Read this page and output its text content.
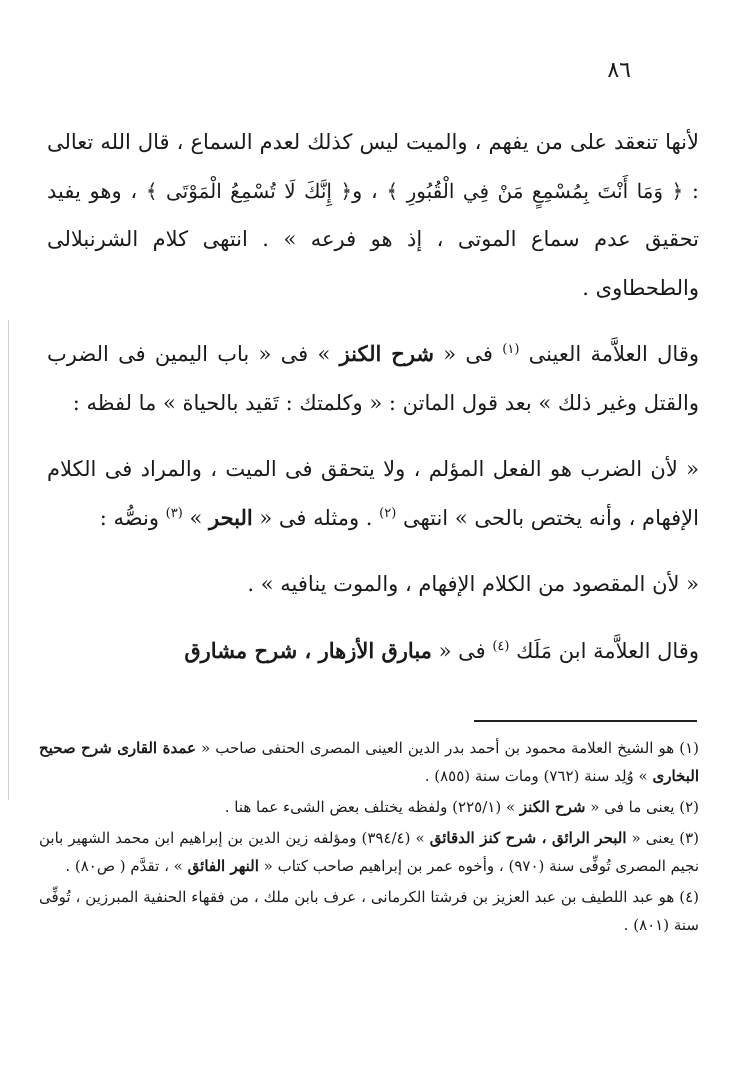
٨٦

لأنها تنعقد على من يفهم ، والميت ليس كذلك لعدم السماع ، قال الله تعالى : ﴿ وَمَا أَنْتَ بِمُسْمِعٍ مَنْ فِي الْقُبُورِ ﴾ ، و﴿ إِنَّكَ لَا تُسْمِعُ الْمَوْتَى ﴾ ، وهو يفيد تحقيق عدم سماع الموتى ، إذ هو فرعه » . انتهى كلام الشرنبلالى والطحطاوى .

وقال العلاَّمة العينى $^{(١)}$ فى « شرح الكنز » فى « باب اليمين فى الضرب والقتل وغير ذلك » بعد قول الماتن : « وكلمتك : تَقيد بالحياة » ما لفظه :

« لأن الضرب هو الفعل المؤلم ، ولا يتحقق فى الميت ، والمراد فى الكلام الإفهام ، وأنه يختص بالحى » انتهى $^{(٢)}$ . ومثله فى « البحر » $^{(٣)}$ ونصُّه :

« لأن المقصود من الكلام الإفهام ، والموت ينافيه » .

وقال العلاَّمة ابن مَلَك $^{(٤)}$ فى « مبارق الأزهار ، شرح مشارق

(١) هو الشيخ العلامة محمود بن أحمد بدر الدين العينى المصرى الحنفى صاحب « عمدة القارى شرح صحيح البخارى » وُلِد سنة (٧٦٢) ومات سنة (٨٥٥) .

(٢) يعنى ما فى « شرح الكنز » (٢٢٥/١) ولفظه يختلف بعض الشىء عما هنا .

(٣) يعنى « البحر الرائق ، شرح كنز الدقائق » (٣٩٤/٤) ومؤلفه زين الدين بن إبراهيم ابن محمد الشهير بابن نجيم المصرى تُوفِّى سنة (٩٧٠) ، وأخوه عمر بن إبراهيم صاحب كتاب « النهر الفائق » ، تقدَّم ( ص٨٠) .

(٤) هو عبد اللطيف بن عبد العزيز بن فرشتا الكرمانى ، عرف بابن ملك ، من فقهاء الحنفية المبرزين ، تُوفِّى سنة (٨٠١) .
